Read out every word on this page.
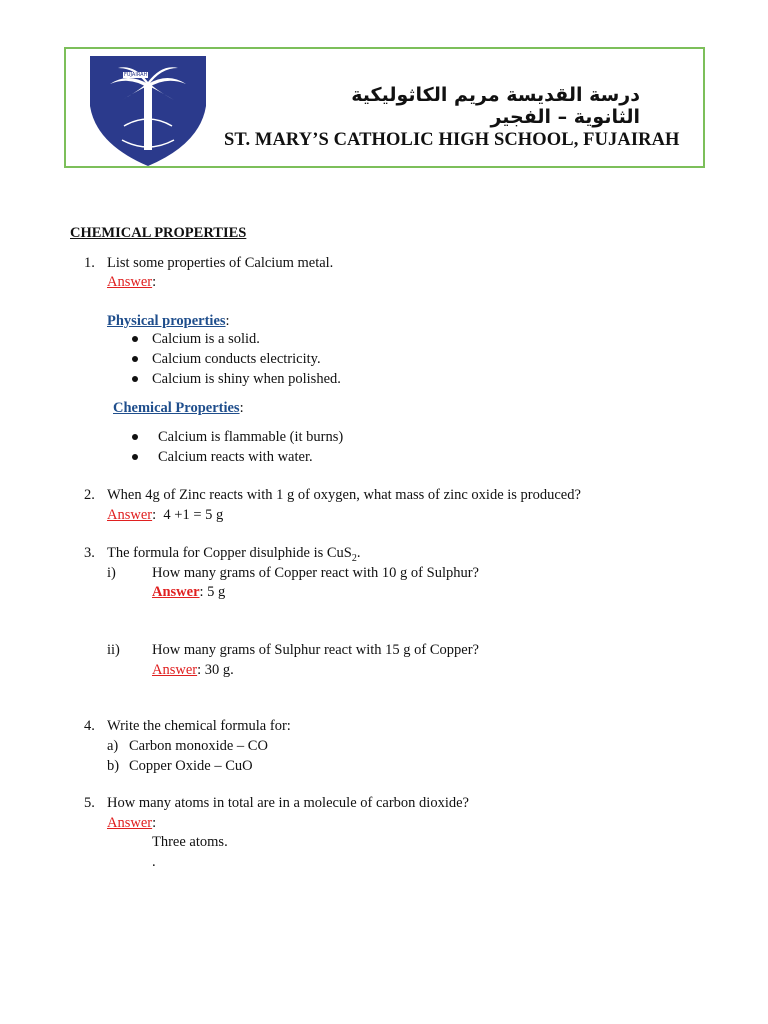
FUJAIRAH
درسة القديسة مريم الكاثوليكية الثانوية – الفجير
ST. MARY’S CATHOLIC HIGH SCHOOL, FUJAIRAH
CHEMICAL PROPERTIES
1. List some properties of Calcium metal.
Answer:
Physical properties:
Calcium is a solid.
Calcium conducts electricity.
Calcium is shiny when polished.
Chemical Properties:
Calcium is flammable (it burns)
Calcium reacts with water.
2. When 4g of Zinc reacts with 1 g of oxygen, what mass of zinc oxide is produced?
Answer:  4 +1 = 5 g
3. The formula for Copper disulphide is CuS$_2$.
i) How many grams of Copper react with 10 g of Sulphur?
Answer: 5 g
ii) How many grams of Sulphur react with 15 g of Copper?
Answer: 30 g.
4. Write the chemical formula for:
a) Carbon monoxide – CO
b) Copper Oxide – CuO
5. How many atoms in total are in a molecule of carbon dioxide?
Answer:
Three atoms.
.
